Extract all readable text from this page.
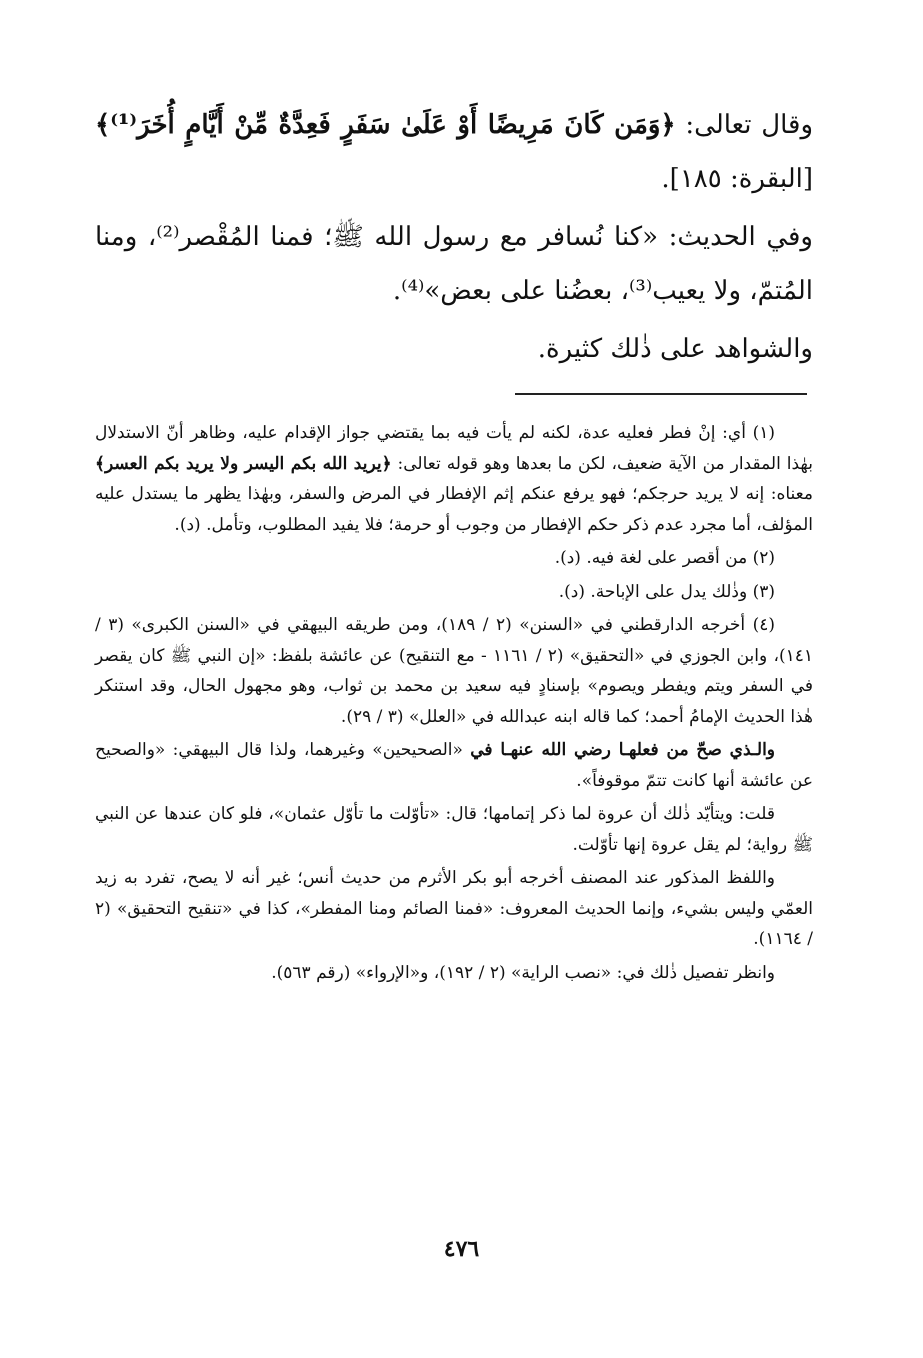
وقال تعالى: ﴿وَمَن كَانَ مَرِيضًا أَوْ عَلَىٰ سَفَرٍ فَعِدَّةٌ مِّنْ أَيَّامٍ أُخَرَ⁽¹⁾﴾ [البقرة: ١٨٥].

وفي الحديث: «كنا نُسافر مع رسول الله ﷺ؛ فمنا المُقْصر⁽²⁾، ومنا المُتمّ، ولا يعيب⁽³⁾، بعضُنا على بعض»⁽⁴⁾.

والشواهد على ذٰلك كثيرة.

(١) أي: إنْ فطر فعليه عدة، لكنه لم يأت فيه بما يقتضي جواز الإقدام عليه، وظاهر أنّ الاستدلال بهٰذا المقدار من الآية ضعيف، لكن ما بعدها وهو قوله تعالى: ﴿يريد الله بكم اليسر ولا يريد بكم العسر﴾ معناه: إنه لا يريد حرجكم؛ فهو يرفع عنكم إثم الإفطار في المرض والسفر، وبهٰذا يظهر ما يستدل عليه المؤلف، أما مجرد عدم ذكر حكم الإفطار من وجوب أو حرمة؛ فلا يفيد المطلوب، وتأمل. (د).

(٢) من أقصر على لغة فيه. (د).

(٣) وذٰلك يدل على الإباحة. (د).

(٤) أخرجه الدارقطني في «السنن» (٢ / ١٨٩)، ومن طريقه البيهقي في «السنن الكبرى» (٣ / ١٤١)، وابن الجوزي في «التحقيق» (٢ / ١١٦١ - مع التنقيح) عن عائشة بلفظ: «إن النبي ﷺ كان يقصر في السفر ويتم ويفطر ويصوم» بإسنادٍ فيه سعيد بن محمد بن ثواب، وهو مجهول الحال، وقد استنكر هٰذا الحديث الإمامُ أحمد؛ كما قاله ابنه عبدالله في «العلل» (٣ / ٢٩).

والـذي صحّ من فعلهـا رضي الله عنهـا في «الصحيحين» وغيرهما، ولذا قال البيهقي: «والصحيح عن عائشة أنها كانت تتمّ موقوفاً».

قلت: ويتأيّد ذٰلك أن عروة لما ذكر إتمامها؛ قال: «تأوّلت ما تأوّل عثمان»، فلو كان عندها عن النبي ﷺ رواية؛ لم يقل عروة إنها تأوّلت.

واللفظ المذكور عند المصنف أخرجه أبو بكر الأثرم من حديث أنس؛ غير أنه لا يصح، تفرد به زيد العمّي وليس بشيء، وإنما الحديث المعروف: «فمنا الصائم ومنا المفطر»، كذا في «تنقيح التحقيق» (٢ / ١١٦٤).

وانظر تفصيل ذٰلك في: «نصب الراية» (٢ / ١٩٢)، و«الإرواء» (رقم ٥٦٣).

٤٧٦
